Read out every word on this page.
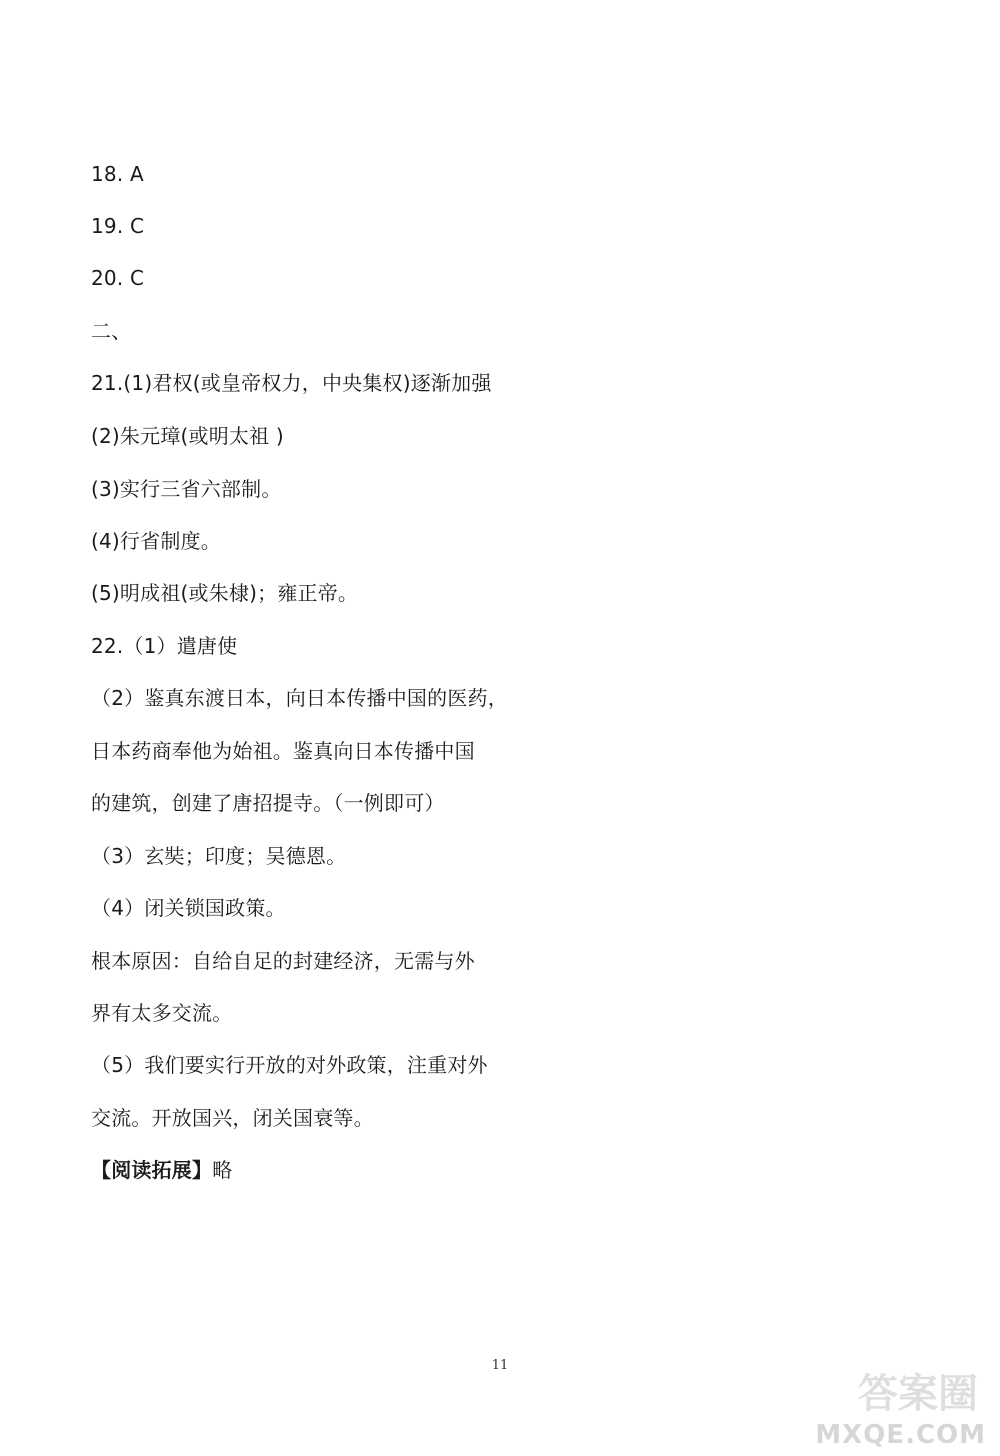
18. A
19. C
20. C
二、
21.(1)君权(或皇帝权力，中央集权)逐渐加强
(2)朱元璋(或明太祖 )
(3)实行三省六部制。
(4)行省制度。
(5)明成祖(或朱棣)；雍正帝。
22.（1）遣唐使
（2）鉴真东渡日本，向日本传播中国的医药，
日本药商奉他为始祖。鉴真向日本传播中国
的建筑，创建了唐招提寺。（一例即可）
（3）玄奘；印度；吴德恩。
（4）闭关锁国政策。
根本原因：自给自足的封建经济，无需与外
界有太多交流。
（5）我们要实行开放的对外政策，注重对外
交流。开放国兴，闭关国衰等。
【阅读拓展】略
11
答案圈
MXQE.COM
